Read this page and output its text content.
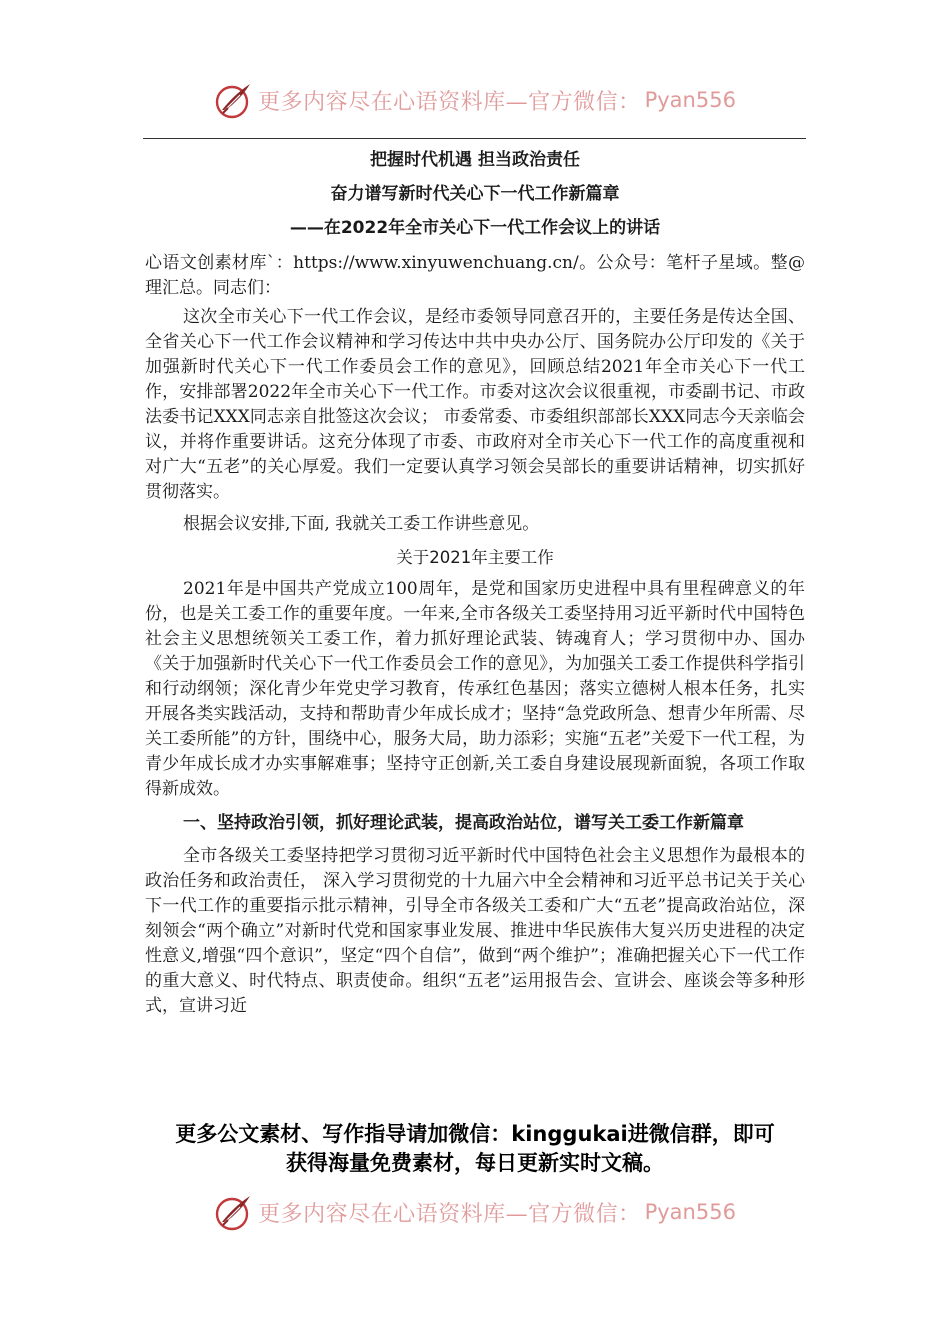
更多内容尽在心语资料库—官方微信： Pyan556
把握时代机遇 担当政治责任
奋力谱写新时代关心下一代工作新篇章
——在2022年全市关心下一代工作会议上的讲话

心语文创素材库`：https://www.xinyuwenchuang.cn/。公众号：笔杆子星域。整@理汇总。同志们：

这次全市关心下一代工作会议，是经市委领导同意召开的，主要任务是传达全国、全省关心下一代工作会议精神和学习传达中共中央办公厅、国务院办公厅印发的《关于加强新时代关心下一代工作委员会工作的意见》，回顾总结2021年全市关心下一代工作，安排部署2022年全市关心下一代工作。市委对这次会议很重视，市委副书记、市政法委书记XXX同志亲自批签这次会议； 市委常委、市委组织部部长XXX同志今天亲临会议，并将作重要讲话。这充分体现了市委、市政府对全市关心下一代工作的高度重视和对广大“五老”的关心厚爱。我们一定要认真学习领会吴部长的重要讲话精神，切实抓好贯彻落实。

根据会议安排,下面, 我就关工委工作讲些意见。

关于2021年主要工作

2021年是中国共产党成立100周年，是党和国家历史进程中具有里程碑意义的年份，也是关工委工作的重要年度。一年来,全市各级关工委坚持用习近平新时代中国特色社会主义思想统领关工委工作，着力抓好理论武装、铸魂育人；学习贯彻中办、国办《关于加强新时代关心下一代工作委员会工作的意见》，为加强关工委工作提供科学指引和行动纲领；深化青少年党史学习教育，传承红色基因；落实立德树人根本任务，扎实开展各类实践活动，支持和帮助青少年成长成才；坚持“急党政所急、想青少年所需、尽关工委所能”的方针，围绕中心，服务大局，助力添彩；实施“五老”关爱下一代工程，为青少年成长成才办实事解难事；坚持守正创新,关工委自身建设展现新面貌，各项工作取得新成效。

一、坚持政治引领，抓好理论武装，提高政治站位，谱写关工委工作新篇章

全市各级关工委坚持把学习贯彻习近平新时代中国特色社会主义思想作为最根本的政治任务和政治责任， 深入学习贯彻党的十九届六中全会精神和习近平总书记关于关心下一代工作的重要指示批示精神，引导全市各级关工委和广大“五老”提高政治站位，深刻领会“两个确立”对新时代党和国家事业发展、推进中华民族伟大复兴历史进程的决定性意义,增强“四个意识”，坚定“四个自信”，做到“两个维护”；准确把握关心下一代工作的重大意义、时代特点、职责使命。组织“五老”运用报告会、宣讲会、座谈会等多种形式，宣讲习近

更多公文素材、写作指导请加微信：kinggukai进微信群，即可
获得海量免费素材，每日更新实时文稿。
更多内容尽在心语资料库—官方微信： Pyan556
